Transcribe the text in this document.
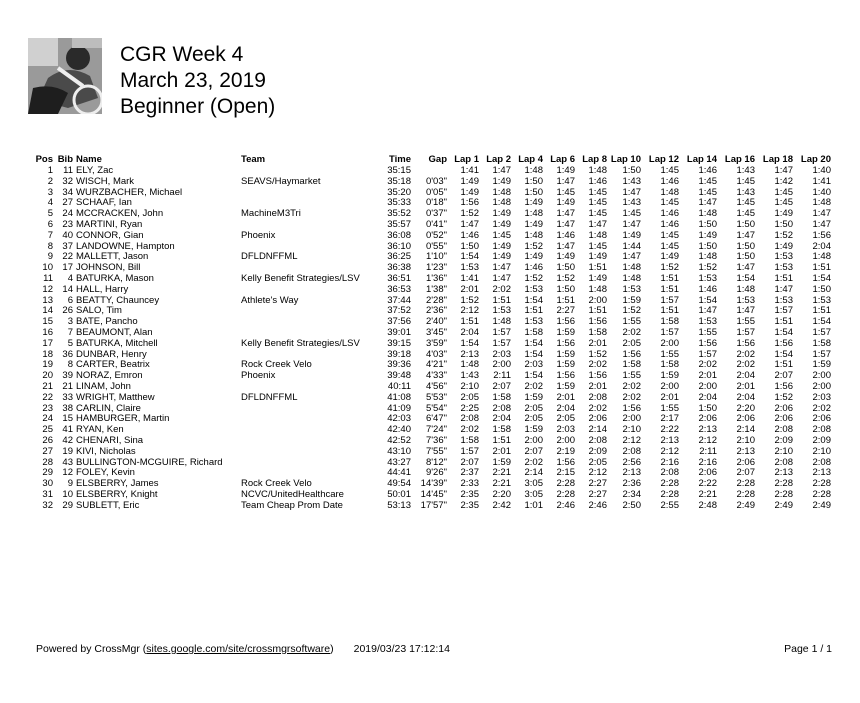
CGR Week 4
March 23, 2019
Beginner (Open)
Pos	Bib	Name	Team	Time	Gap	Lap 1	Lap 2	Lap 4	Lap 6	Lap 8	Lap 10	Lap 12	Lap 14	Lap 16	Lap 18	Lap 20
1	11	ELY, Zac		35:15		1:41	1:47	1:48	1:49	1:48	1:50	1:45	1:46	1:43	1:47	1:40
2	32	WISCH, Mark	SEAVS/Haymarket	35:18	0'03"	1:49	1:49	1:50	1:47	1:46	1:43	1:46	1:45	1:45	1:42	1:41
3	34	WURZBACHER, Michael		35:20	0'05"	1:49	1:48	1:50	1:45	1:45	1:47	1:48	1:45	1:43	1:45	1:40
4	27	SCHAAF, Ian		35:33	0'18"	1:56	1:48	1:49	1:49	1:45	1:43	1:45	1:47	1:45	1:45	1:48
5	24	MCCRACKEN, John	MachineM3Tri	35:52	0'37"	1:52	1:49	1:48	1:47	1:45	1:45	1:46	1:48	1:45	1:49	1:47
6	23	MARTINI, Ryan		35:57	0'41"	1:47	1:49	1:49	1:47	1:47	1:47	1:46	1:50	1:50	1:50	1:47
7	40	CONNOR, Gian	Phoenix	36:08	0'52"	1:46	1:45	1:48	1:46	1:48	1:49	1:45	1:49	1:47	1:52	1:56
8	37	LANDOWNE, Hampton		36:10	0'55"	1:50	1:49	1:52	1:47	1:45	1:44	1:45	1:50	1:50	1:49	2:04
9	22	MALLETT, Jason	DFLDNFFML	36:25	1'10"	1:54	1:49	1:49	1:49	1:49	1:47	1:49	1:48	1:50	1:53	1:48
10	17	JOHNSON, Bill		36:38	1'23"	1:53	1:47	1:46	1:50	1:51	1:48	1:52	1:52	1:47	1:53	1:51
11	4	BATURKA, Mason	Kelly Benefit Strategies/LSV	36:51	1'36"	1:41	1:47	1:52	1:52	1:49	1:48	1:51	1:53	1:54	1:51	1:54
12	14	HALL, Harry		36:53	1'38"	2:01	2:02	1:53	1:50	1:48	1:53	1:51	1:46	1:48	1:47	1:50
13	6	BEATTY, Chauncey	Athlete's Way	37:44	2'28"	1:52	1:51	1:54	1:51	2:00	1:59	1:57	1:54	1:53	1:53	1:53
14	26	SALO, Tim		37:52	2'36"	2:12	1:53	1:51	2:27	1:51	1:52	1:51	1:47	1:47	1:57	1:51
15	3	BATE, Pancho		37:56	2'40"	1:51	1:48	1:53	1:56	1:56	1:55	1:58	1:53	1:55	1:51	1:54
16	7	BEAUMONT, Alan		39:01	3'45"	2:04	1:57	1:58	1:59	1:58	2:02	1:57	1:55	1:57	1:54	1:57
17	5	BATURKA, Mitchell	Kelly Benefit Strategies/LSV	39:15	3'59"	1:54	1:57	1:54	1:56	2:01	2:05	2:00	1:56	1:56	1:56	1:58
18	36	DUNBAR, Henry		39:18	4'03"	2:13	2:03	1:54	1:59	1:52	1:56	1:55	1:57	2:02	1:54	1:57
19	8	CARTER, Beatrix	Rock Creek Velo	39:36	4'21"	1:48	2:00	2:03	1:59	2:02	1:58	1:58	2:02	2:02	1:51	1:59
20	39	NORAZ, Emron	Phoenix	39:48	4'33"	1:43	2:11	1:54	1:56	1:56	1:55	1:59	2:01	2:04	2:07	2:00
21	21	LINAM, John		40:11	4'56"	2:10	2:07	2:02	1:59	2:01	2:02	2:00	2:00	2:01	1:56	2:00
22	33	WRIGHT, Matthew	DFLDNFFML	41:08	5'53"	2:05	1:58	1:59	2:01	2:08	2:02	2:01	2:04	2:04	1:52	2:03
23	38	CARLIN, Claire		41:09	5'54"	2:25	2:08	2:05	2:04	2:02	1:56	1:55	1:50	2:20	2:06	2:02
24	15	HAMBURGER, Martin		42:03	6'47"	2:08	2:04	2:05	2:05	2:06	2:00	2:17	2:06	2:06	2:06	2:06
25	41	RYAN, Ken		42:40	7'24"	2:02	1:58	1:59	2:03	2:14	2:10	2:22	2:13	2:14	2:08	2:08
26	42	CHENARI, Sina		42:52	7'36"	1:58	1:51	2:00	2:00	2:08	2:12	2:13	2:12	2:10	2:09	2:09
27	19	KIVI, Nicholas		43:10	7'55"	1:57	2:01	2:07	2:19	2:09	2:08	2:12	2:11	2:13	2:10	2:10
28	43	BULLINGTON-MCGUIRE, Richard		43:27	8'12"	2:07	1:59	2:02	1:56	2:05	2:56	2:16	2:16	2:06	2:08	2:08
29	12	FOLEY, Kevin		44:41	9'26"	2:37	2:21	2:14	2:15	2:12	2:13	2:08	2:06	2:07	2:13	2:13
30	9	ELSBERRY, James	Rock Creek Velo	49:54	14'39"	2:33	2:21	3:05	2:28	2:27	2:36	2:28	2:22	2:28	2:28	2:28
31	10	ELSBERRY, Knight	NCVC/UnitedHealthcare	50:01	14'45"	2:35	2:20	3:05	2:28	2:27	2:34	2:28	2:21	2:28	2:28	2:28
32	29	SUBLETT, Eric	Team Cheap Prom Date	53:13	17'57"	2:35	2:42	1:01	2:46	2:46	2:50	2:55	2:48	2:49	2:49	2:49
Powered by CrossMgr (sites.google.com/site/crossmgrsoftware) 2019/03/23 17:12:14	Page 1 / 1
